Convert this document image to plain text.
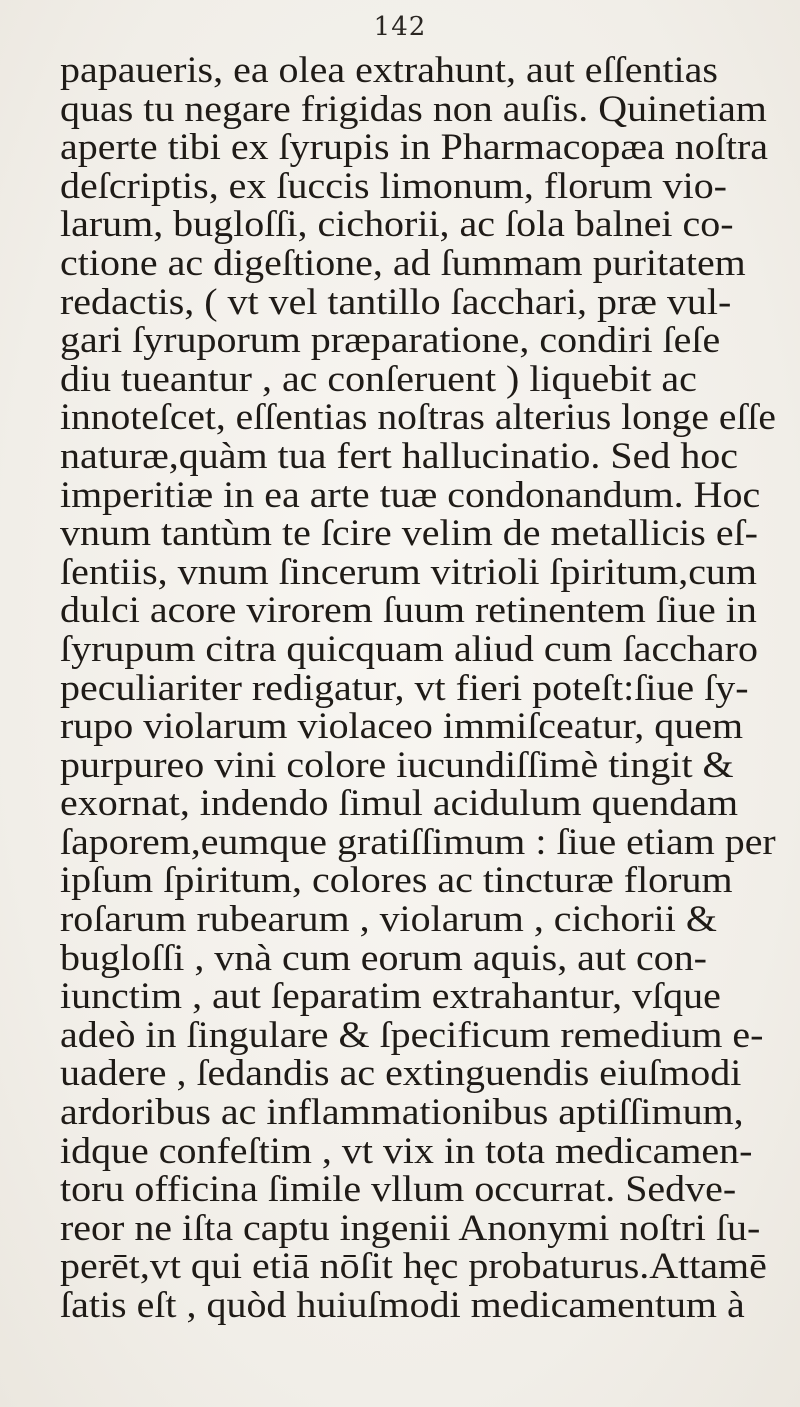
142
papaueris, ea olea extrahunt, aut eſſentias
quas tu negare frigidas non auſis. Quinetiam
aperte tibi ex ſyrupis in Pharmacopæa noſtra
deſcriptis, ex ſuccis limonum, florum vio-
larum, bugloſſi, cichorii, ac ſola balnei co-
ctione ac digeſtione, ad ſummam puritatem
redactis, ( vt vel tantillo ſacchari, præ vul-
gari ſyruporum præparatione, condiri ſeſe
diu tueantur , ac conſeruent ) liquebit ac
innoteſcet, eſſentias noſtras alterius longe eſſe
naturæ,quàm tua fert hallucinatio. Sed hoc
imperitiæ in ea arte tuæ condonandum. Hoc
vnum tantùm te ſcire velim de metallicis eſ-
ſentiis, vnum ſincerum vitrioli ſpiritum,cum
dulci acore virorem ſuum retinentem ſiue in
ſyrupum citra quicquam aliud cum ſaccharo
peculiariter redigatur, vt fieri poteſt:ſiue ſy-
rupo violarum violaceo immiſceatur, quem
purpureo vini colore iucundiſſimè tingit &
exornat, indendo ſimul acidulum quendam
ſaporem,eumque gratiſſimum : ſiue etiam per
ipſum ſpiritum, colores ac tincturæ florum
roſarum rubearum , violarum , cichorii &
bugloſſi , vnà cum eorum aquis, aut con-
iunctim , aut ſeparatim extrahantur, vſque
adeò in ſingulare & ſpecificum remedium e-
uadere , ſedandis ac extinguendis eiuſmodi
ardoribus ac inflammationibus aptiſſimum,
idque confeſtim , vt vix in tota medicamen-
toru officina ſimile vllum occurrat. Sedve-
reor ne iſta captu ingenii Anonymi noſtri ſu-
perēt,vt qui etiā nōſit hęc probaturus.Attamē
ſatis eſt , quòd huiuſmodi medicamentum à
